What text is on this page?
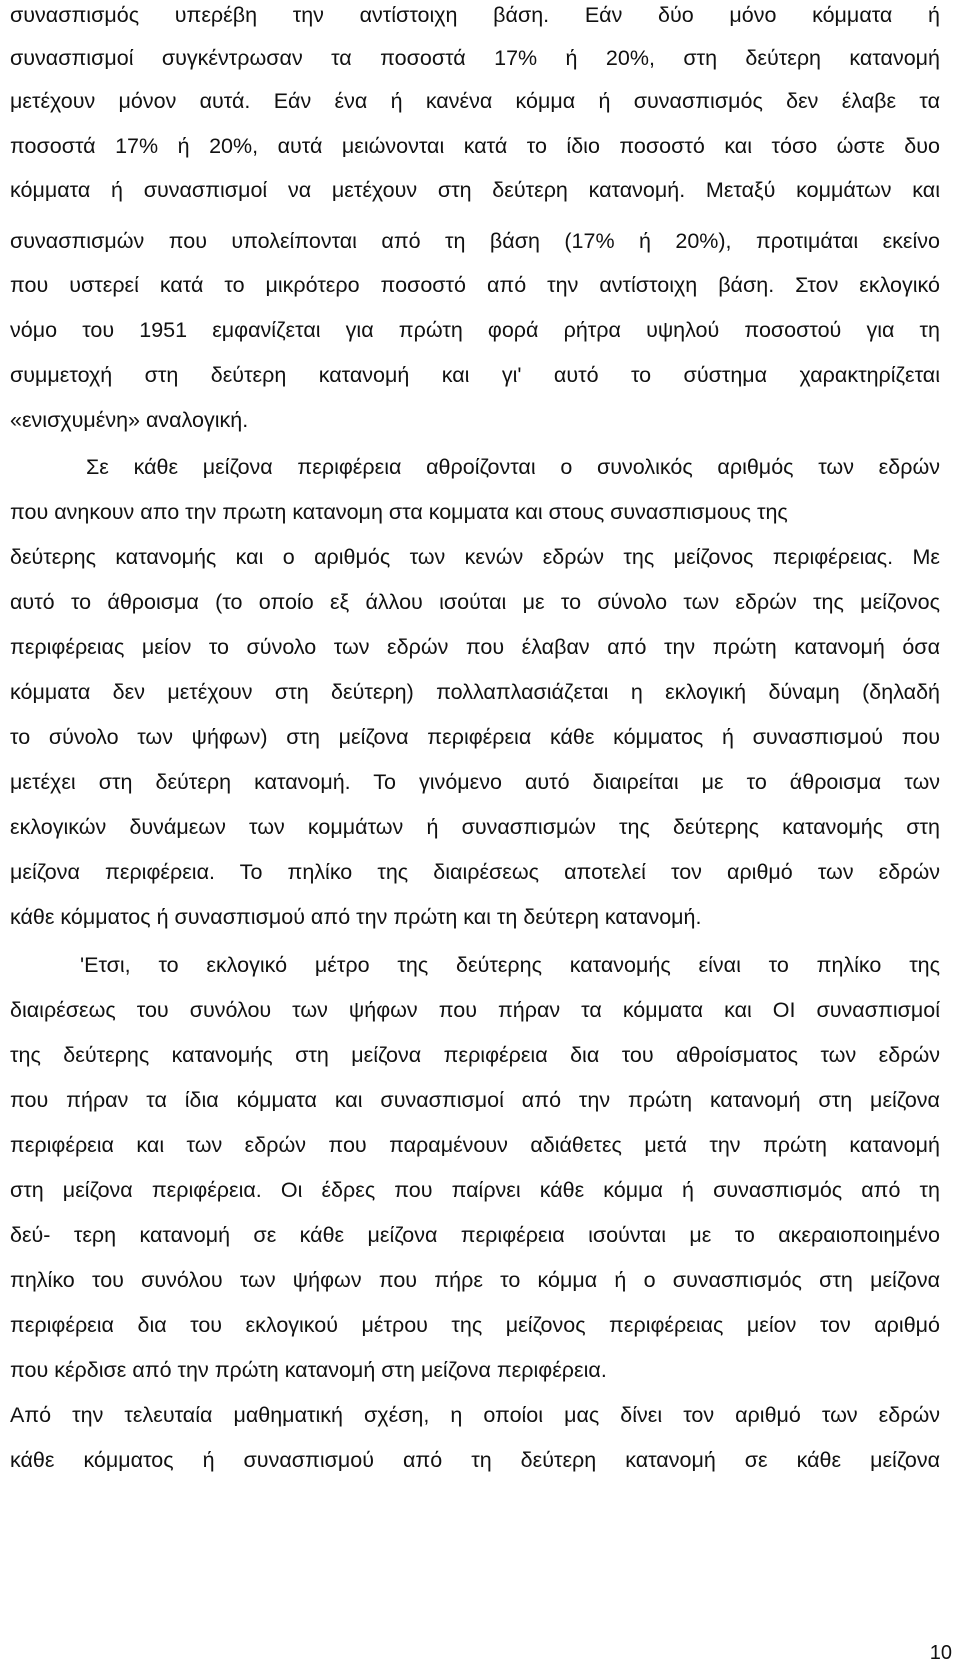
συνασπισμός υπερέβη την αντίστοιχη βάση. Εάν δύο μόνο κόμματα ή
συνασπισμοί συγκέντρωσαν τα ποσοστά 17% ή 20%, στη δεύτερη κατανομή
μετέχουν μόνον αυτά. Εάν ένα ή κανένα κόμμα ή συνασπισμός δεν έλαβε τα
ποσοστά 17% ή 20%, αυτά μειώνονται κατά το ίδιο ποσοστό και τόσο ώστε δυο
κόμματα ή συνασπισμοί να μετέχουν στη δεύτερη κατανομή. Μεταξύ κομμάτων και
συνασπισμών που υπολείπονται από τη βάση (17% ή 20%), προτιμάται εκείνο
που υστερεί κατά το μικρότερο ποσοστό από την αντίστοιχη βάση. Στον εκλογικό
νόμο του 1951 εμφανίζεται για πρώτη φορά ρήτρα υψηλού ποσοστού για τη
συμμετοχή στη δεύτερη κατανομή και γι' αυτό το σύστημα χαρακτηρίζεται
«ενισχυμένη» αναλογική.
Σε κάθε μείζονα περιφέρεια αθροίζονται ο συνολικός αριθμός των εδρών
που ανηκουν απο την πρωτη κατανομη στα κομματα και στους συνασπισμους της
δεύτερης κατανομής και ο αριθμός των κενών εδρών της μείζονος περιφέρειας. Με
αυτό το άθροισμα (το οποίο εξ άλλου ισούται με το σύνολο των εδρών της μείζονος
περιφέρειας μείον το σύνολο των εδρών που έλαβαν από την πρώτη κατανομή όσα
κόμματα δεν μετέχουν στη δεύτερη) πολλαπλασιάζεται η εκλογική δύναμη (δηλαδή
το σύνολο των ψήφων) στη μείζονα περιφέρεια κάθε κόμματος ή συνασπισμού που
μετέχει στη δεύτερη κατανομή. Το γινόμενο αυτό διαιρείται με το άθροισμα των
εκλογικών δυνάμεων των κομμάτων ή συνασπισμών της δεύτερης κατανομής στη
μείζονα περιφέρεια. Το πηλίκο της διαιρέσεως αποτελεί τον αριθμό των εδρών
κάθε κόμματος ή συνασπισμού από την πρώτη και τη δεύτερη κατανομή.
'Ετσι, το εκλογικό μέτρο της δεύτερης κατανομής είναι το πηλίκο της
διαιρέσεως του συνόλου των ψήφων που πήραν τα κόμματα και ΟΙ συνασπισμοί
της δεύτερης κατανομής στη μείζονα περιφέρεια δια του αθροίσματος των εδρών
που πήραν τα ίδια κόμματα και συνασπισμοί από την πρώτη κατανομή στη μείζονα
περιφέρεια και των εδρών που παραμένουν αδιάθετες μετά την πρώτη κατανομή
στη μείζονα περιφέρεια. Οι έδρες που παίρνει κάθε κόμμα ή συνασπισμός από τη
δεύ- τερη κατανομή σε κάθε μείζονα περιφέρεια ισούνται με το ακεραιοποιημένο
πηλίκο του συνόλου των ψήφων που πήρε το κόμμα ή ο συνασπισμός στη μείζονα
περιφέρεια δια του εκλογικού μέτρου της μείζονος περιφέρειας μείον τον αριθμό
που κέρδισε από την πρώτη κατανομή στη μείζονα περιφέρεια.
Από την τελευταία μαθηματική σχέση, η οποίοι μας δίνει τον αριθμό των εδρών
κάθε κόμματος ή συνασπισμού από τη δεύτερη κατανομή σε κάθε μείζονα
10
